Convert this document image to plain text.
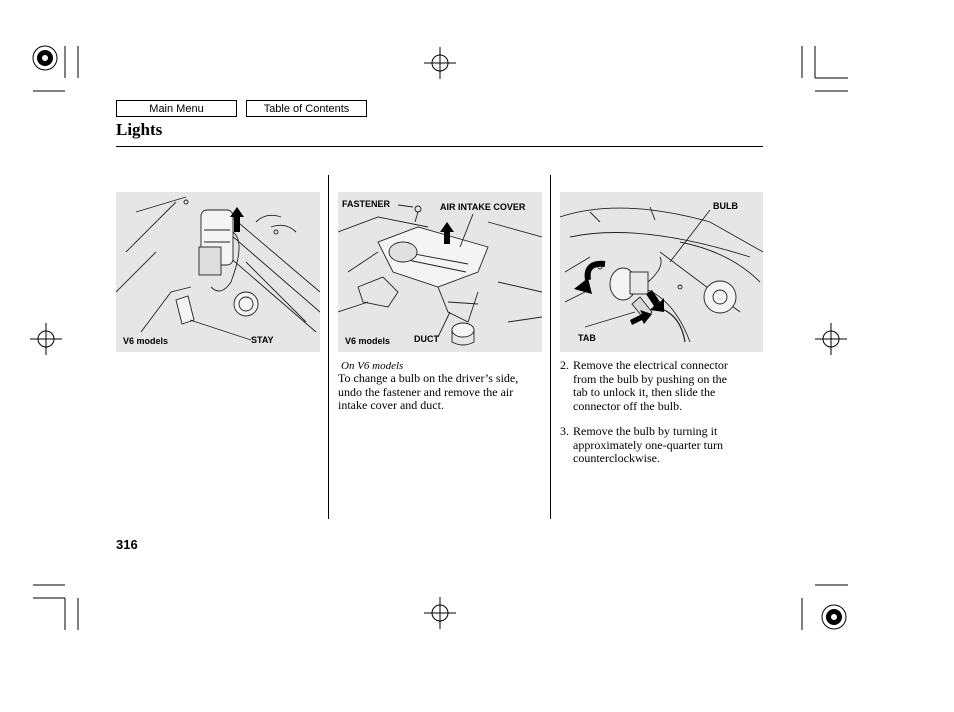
Main Menu	Table of Contents
Lights
V6 models	STAY
FASTENER	AIR INTAKE COVER
V6 models	DUCT
BULB
TAB
On V6 models
To change a bulb on the driver’s side,
undo the fastener and remove the air
intake cover and duct.
2. Remove the electrical connector
from the bulb by pushing on the
tab to unlock it, then slide the
connector off the bulb.
3. Remove the bulb by turning it
approximately one-quarter turn
counterclockwise.
316
